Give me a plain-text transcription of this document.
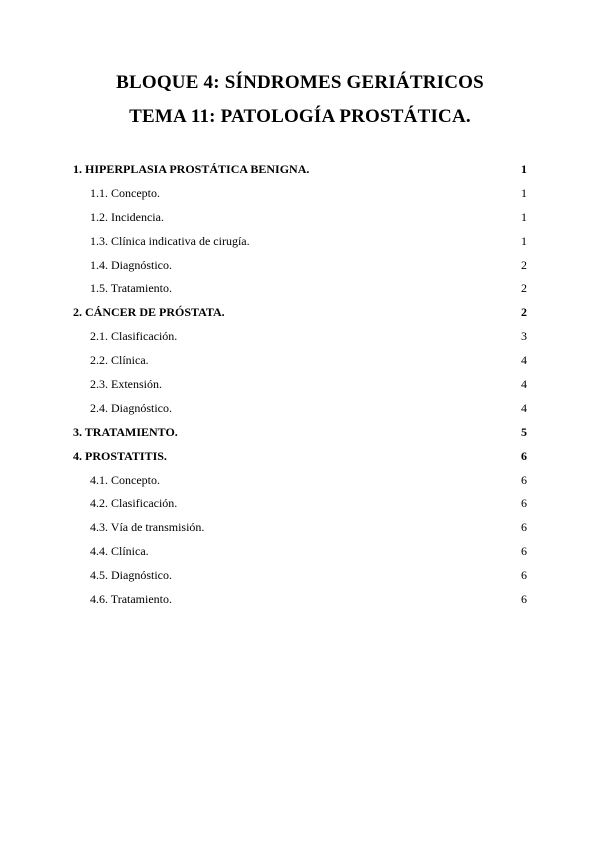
BLOQUE 4: SÍNDROMES GERIÁTRICOS
TEMA 11: PATOLOGÍA PROSTÁTICA.
1. HIPERPLASIA PROSTÁTICA BENIGNA.	1
1.1. Concepto.	1
1.2. Incidencia.	1
1.3. Clínica indicativa de cirugía.	1
1.4. Diagnóstico.	2
1.5. Tratamiento.	2
2. CÁNCER DE PRÓSTATA.	2
2.1. Clasificación.	3
2.2. Clínica.	4
2.3. Extensión.	4
2.4. Diagnóstico.	4
3. TRATAMIENTO.	5
4. PROSTATITIS.	6
4.1. Concepto.	6
4.2. Clasificación.	6
4.3. Vía de transmisión.	6
4.4. Clínica.	6
4.5. Diagnóstico.	6
4.6. Tratamiento.	6
